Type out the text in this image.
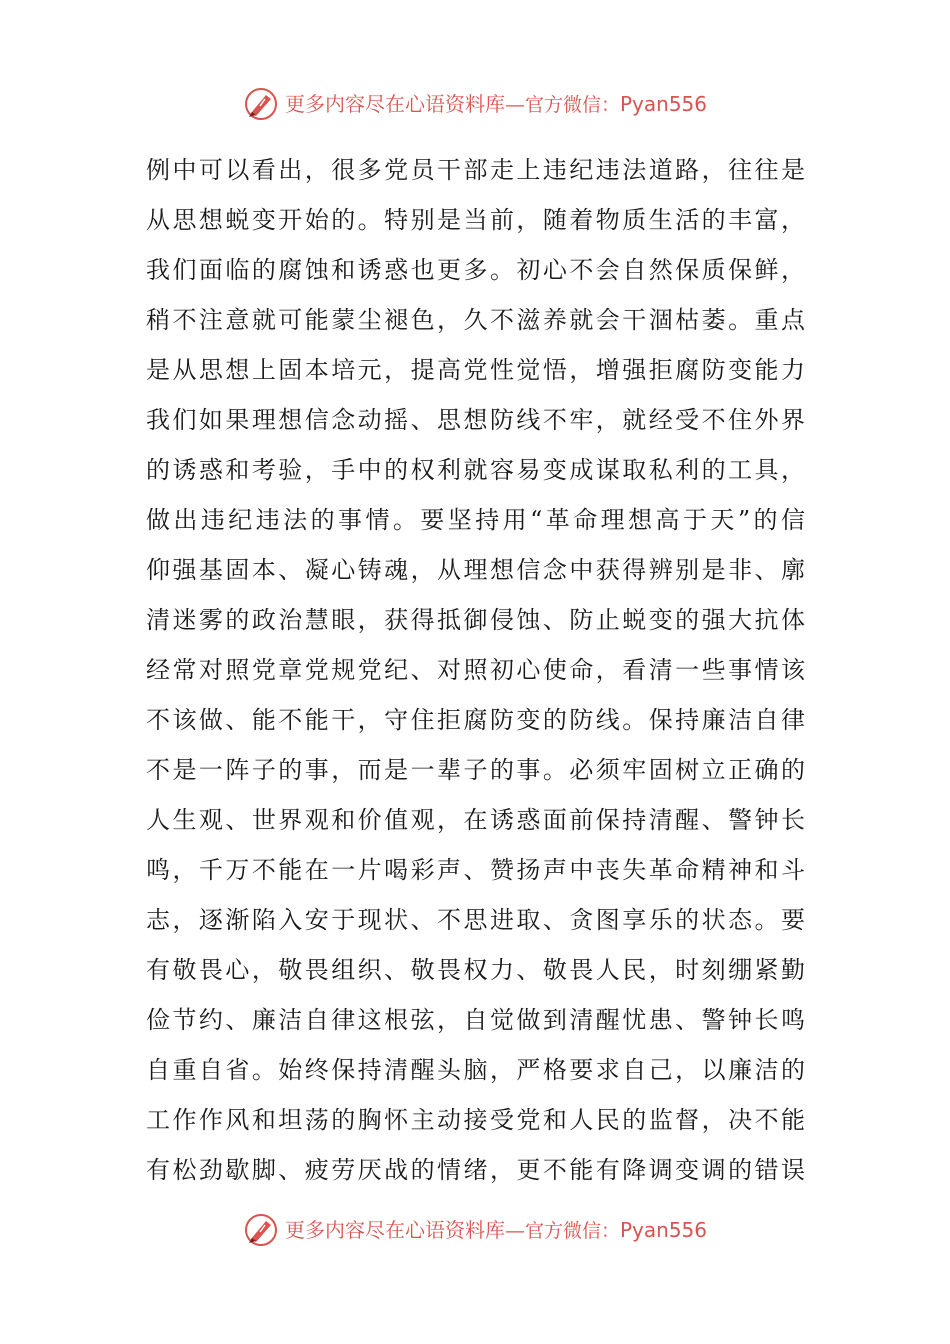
更多内容尽在心语资料库—官方微信：Pyan556
例中可以看出，很多党员干部走上违纪违法道路，往往是
从思想蜕变开始的。特别是当前，随着物质生活的丰富，
我们面临的腐蚀和诱惑也更多。初心不会自然保质保鲜，
稍不注意就可能蒙尘褪色，久不滋养就会干涸枯萎。重点
是从思想上固本培元，提高党性觉悟，增强拒腐防变能力
我们如果理想信念动摇、思想防线不牢，就经受不住外界
的诱惑和考验，手中的权利就容易变成谋取私利的工具，
做出违纪违法的事情。要坚持用“革命理想高于天”的信
仰强基固本、凝心铸魂，从理想信念中获得辨别是非、廓
清迷雾的政治慧眼，获得抵御侵蚀、防止蜕变的强大抗体
经常对照党章党规党纪、对照初心使命，看清一些事情该
不该做、能不能干，守住拒腐防变的防线。保持廉洁自律
不是一阵子的事，而是一辈子的事。必须牢固树立正确的
人生观、世界观和价值观，在诱惑面前保持清醒、警钟长
鸣，千万不能在一片喝彩声、赞扬声中丧失革命精神和斗
志，逐渐陷入安于现状、不思进取、贪图享乐的状态。要
有敬畏心，敬畏组织、敬畏权力、敬畏人民，时刻绷紧勤
俭节约、廉洁自律这根弦，自觉做到清醒忧患、警钟长鸣
自重自省。始终保持清醒头脑，严格要求自己，以廉洁的
工作作风和坦荡的胸怀主动接受党和人民的监督，决不能
有松劲歇脚、疲劳厌战的情绪，更不能有降调变调的错误
更多内容尽在心语资料库—官方微信：Pyan556
